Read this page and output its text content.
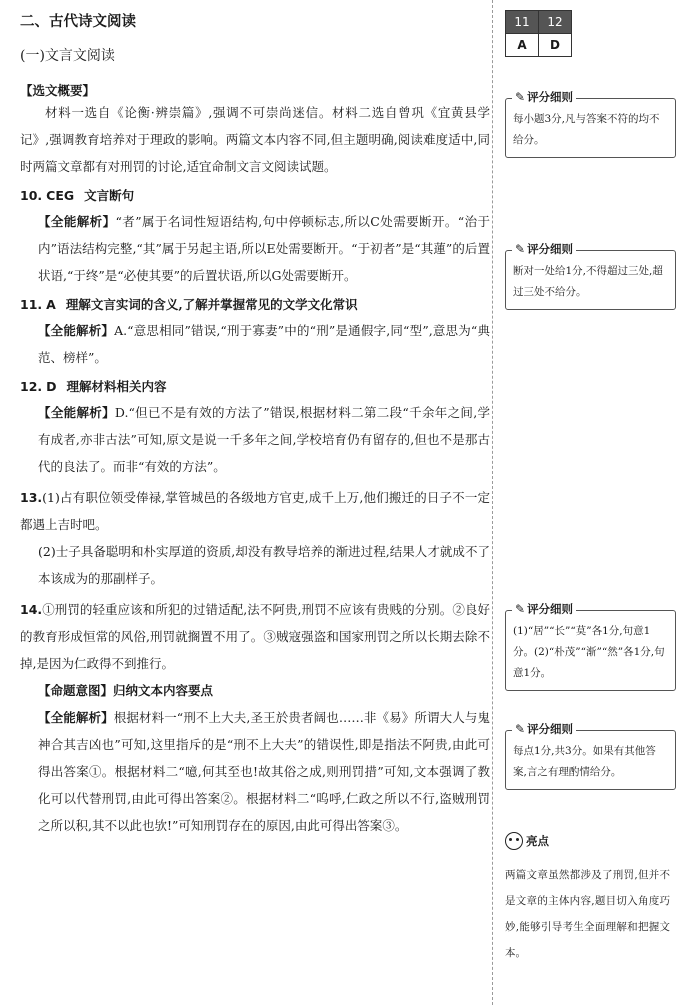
二、古代诗文阅读
(一)文言文阅读
【选文概要】

材料一选自《论衡·辨崇篇》,强调不可崇尚迷信。材料二选自曾巩《宜黄县学记》,强调教育培养对于理政的影响。两篇文本内容不同,但主题明确,阅读难度适中,同时两篇文章都有对刑罚的讨论,适宜命制文言文阅读试题。

10. CEG 文言断句

【全能解析】“者”属于名词性短语结构,句中停顿标志,所以C处需要断开。“治于内”语法结构完整,“其”属于另起主语,所以E处需要断开。“于初者”是“其蓮”的后置状语,“于终”是“必使其要”的后置状语,所以G处需要断开。

11. A 理解文言实词的含义,了解并掌握常见的文学文化常识

【全能解析】A.“意思相同”错误,“刑于寡妻”中的“刑”是通假字,同“型”,意思为“典范、榜样”。

12. D 理解材料相关内容

【全能解析】D.“但已不是有效的方法了”错误,根据材料二第二段“千余年之间,学有成者,亦非古法”可知,原文是说一千多年之间,学校培育仍有留存的,但也不是那古代的良法了。而非“有效的方法”。

13.(1)占有职位领受俸禄,掌管城邑的各级地方官吏,成千上万,他们搬迁的日子不一定都遇上吉时吧。

(2)士子具备聪明和朴实厚道的资质,却没有教导培养的渐进过程,结果人才就成不了本该成为的那副样子。

14.①刑罚的轻重应该和所犯的过错适配,法不阿贵,刑罚不应该有贵贱的分别。②良好的教育形成恒常的风俗,刑罚就搁置不用了。③贼寇强盗和国家刑罚之所以长期去除不掉,是因为仁政得不到推行。

【命题意图】归纳文本内容要点

【全能解析】根据材料一“刑不上大夫,圣王於贵者阔也……非《易》所谓大人与鬼神合其吉凶也”可知,这里指斥的是“刑不上大夫”的错误性,即是指法不阿贵,由此可得出答案①。根据材料二“噫,何其至也!故其俗之成,则刑罚措”可知,文本强调了教化可以代替刑罚,由此可得出答案②。根据材料二“呜呼,仁政之所以不行,盗贼刑罚之所以积,其不以此也欤!”可知刑罚存在的原因,由此可得出答案③。

11	12
A	D
✎ 评分细则
每小题3分,凡与答案不符的均不给分。
✎ 评分细则
断对一处给1分,不得超过三处,超过三处不给分。
✎ 评分细则
(1)“居”“长”“莫”各1分,句意1分。(2)“朴茂”“渐”“然”各1分,句意1分。
✎ 评分细则
每点1分,共3分。如果有其他答案,言之有理酌情给分。
亮点
两篇文章虽然都涉及了刑罚,但并不是文章的主体内容,题目切入角度巧妙,能够引导考生全面理解和把握文本。
